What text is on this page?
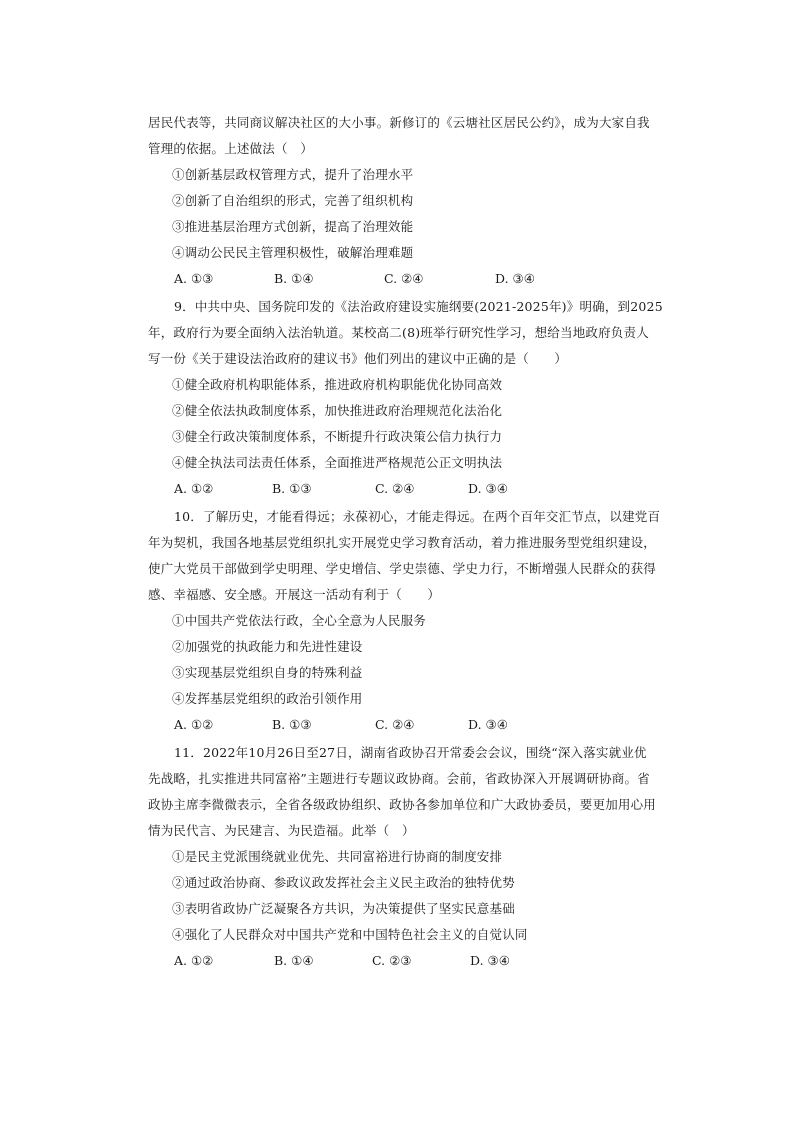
居民代表等，共同商议解决社区的大小事。新修订的《云塘社区居民公约》，成为大家自我
管理的依据。上述做法（　）
①创新基层政权管理方式，提升了治理水平
②创新了自治组织的形式，完善了组织机构
③推进基层治理方式创新，提高了治理效能
④调动公民民主管理积极性，破解治理难题
A. ①③	B. ①④	C. ②④	D. ③④
9．中共中央、国务院印发的《法治政府建设实施纲要(2021-2025年)》明确，到2025
年，政府行为要全面纳入法治轨道。某校高二(8)班举行研究性学习，想给当地政府负责人
写一份《关于建设法治政府的建议书》他们列出的建议中正确的是（　　）
①健全政府机构职能体系，推进政府机构职能优化协同高效
②健全依法执政制度体系，加快推进政府治理规范化法治化
③健全行政决策制度体系，不断提升行政决策公信力执行力
④健全执法司法责任体系，全面推进严格规范公正文明执法
A. ①②	B. ①③	C. ②④	D. ③④
10．了解历史，才能看得远；永葆初心，才能走得远。在两个百年交汇节点，以建党百
年为契机，我国各地基层党组织扎实开展党史学习教育活动，着力推进服务型党组织建设，
使广大党员干部做到学史明理、学史增信、学史崇德、学史力行，不断增强人民群众的获得
感、幸福感、安全感。开展这一活动有利于（　　）
①中国共产党依法行政，全心全意为人民服务
②加强党的执政能力和先进性建设
③实现基层党组织自身的特殊利益
④发挥基层党组织的政治引领作用
A. ①②	B. ①③	C. ②④	D. ③④
11．2022年10月26日至27日，湖南省政协召开常委会会议，围绕“深入落实就业优
先战略，扎实推进共同富裕”主题进行专题议政协商。会前，省政协深入开展调研协商。省
政协主席李微微表示，全省各级政协组织、政协各参加单位和广大政协委员，要更加用心用
情为民代言、为民建言、为民造福。此举（　）
①是民主党派围绕就业优先、共同富裕进行协商的制度安排
②通过政治协商、参政议政发挥社会主义民主政治的独特优势
③表明省政协广泛凝聚各方共识，为决策提供了坚实民意基础
④强化了人民群众对中国共产党和中国特色社会主义的自觉认同
A. ①②	B. ①④	C. ②③	D. ③④
